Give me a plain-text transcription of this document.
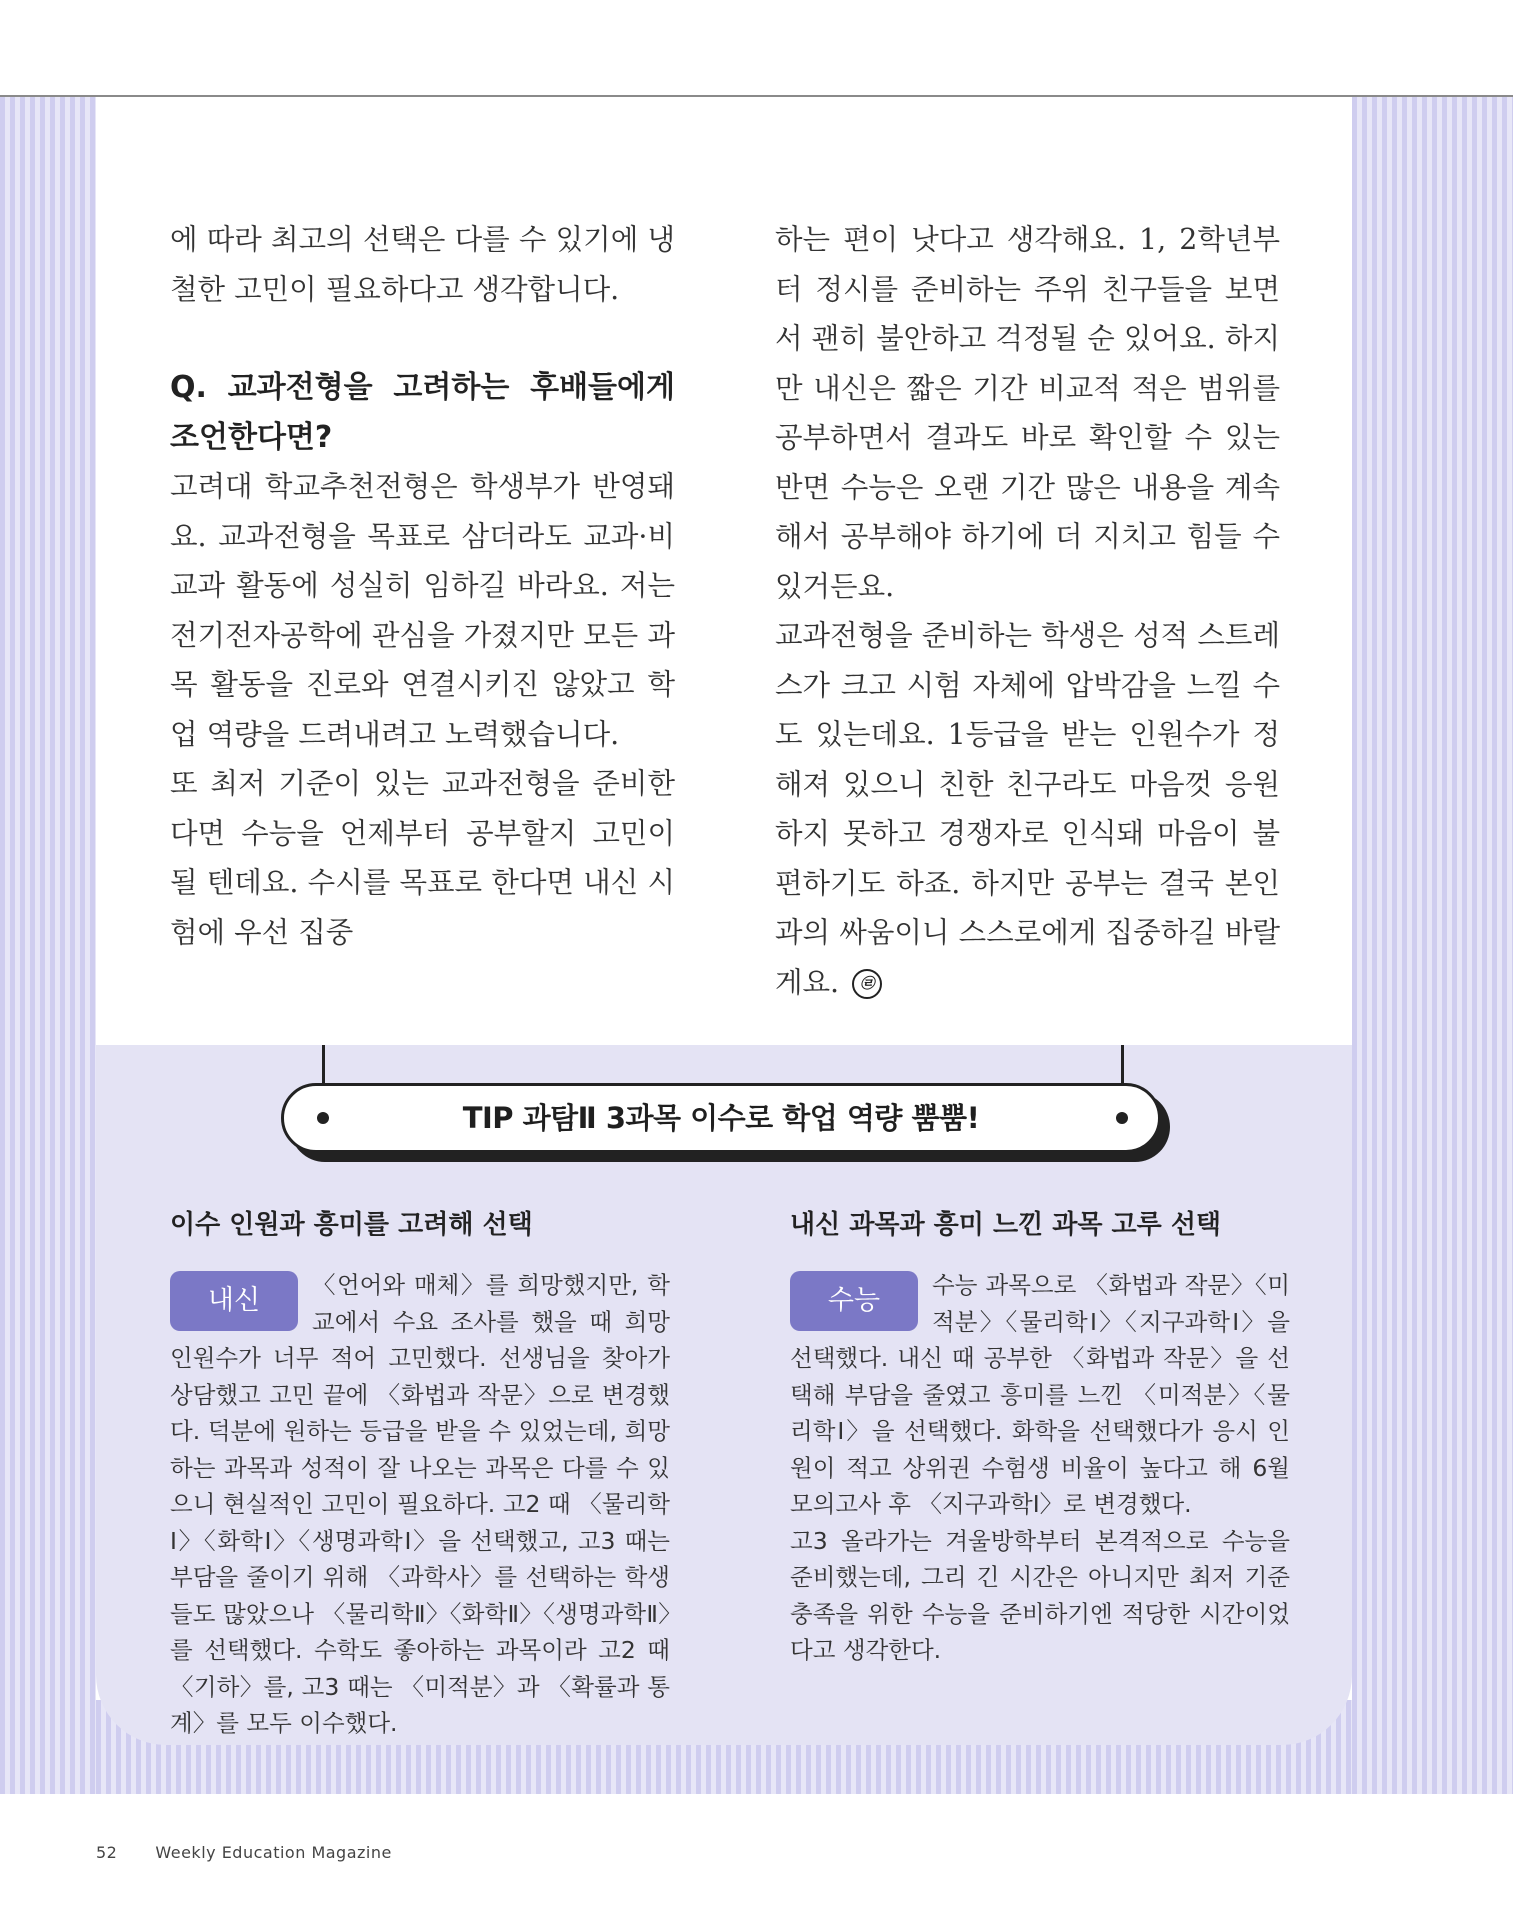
에 따라 최고의 선택은 다를 수 있기에 냉철한 고민이 필요하다고 생각합니다.

Q. 교과전형을 고려하는 후배들에게 조언한다면?

고려대 학교추천전형은 학생부가 반영돼요. 교과전형을 목표로 삼더라도 교과·비교과 활동에 성실히 임하길 바라요. 저는 전기전자공학에 관심을 가졌지만 모든 과목 활동을 진로와 연결시키진 않았고 학업 역량을 드려내려고 노력했습니다.

또 최저 기준이 있는 교과전형을 준비한다면 수능을 언제부터 공부할지 고민이 될 텐데요. 수시를 목표로 한다면 내신 시험에 우선 집중

하는 편이 낫다고 생각해요. 1, 2학년부터 정시를 준비하는 주위 친구들을 보면서 괜히 불안하고 걱정될 순 있어요. 하지만 내신은 짧은 기간 비교적 적은 범위를 공부하면서 결과도 바로 확인할 수 있는 반면 수능은 오랜 기간 많은 내용을 계속해서 공부해야 하기에 더 지치고 힘들 수 있거든요.

교과전형을 준비하는 학생은 성적 스트레스가 크고 시험 자체에 압박감을 느낄 수도 있는데요. 1등급을 받는 인원수가 정해져 있으니 친한 친구라도 마음껏 응원하지 못하고 경쟁자로 인식돼 마음이 불편하기도 하죠. 하지만 공부는 결국 본인과의 싸움이니 스스로에게 집중하길 바랄게요. ㉣

TIP 과탐Ⅱ 3과목 이수로 학업 역량 뿜뿜!

이수 인원과 흥미를 고려해 선택

내신	〈언어와 매체〉를 희망했지만, 학교에서 수요 조사를 했을 때 희망 인원수가 너무 적어 고민했다. 선생님을 찾아가 상담했고 고민 끝에 〈화법과 작문〉으로 변경했다. 덕분에 원하는 등급을 받을 수 있었는데, 희망하는 과목과 성적이 잘 나오는 과목은 다를 수 있으니 현실적인 고민이 필요하다. 고2 때 〈물리학Ⅰ〉〈화학Ⅰ〉〈생명과학Ⅰ〉을 선택했고, 고3 때는 부담을 줄이기 위해 〈과학사〉를 선택하는 학생들도 많았으나 〈물리학Ⅱ〉〈화학Ⅱ〉〈생명과학Ⅱ〉를 선택했다. 수학도 좋아하는 과목이라 고2 때 〈기하〉를, 고3 때는 〈미적분〉과 〈확률과 통계〉를 모두 이수했다.

내신 과목과 흥미 느낀 과목 고루 선택

수능	수능 과목으로 〈화법과 작문〉〈미적분〉〈물리학Ⅰ〉〈지구과학Ⅰ〉을 선택했다. 내신 때 공부한 〈화법과 작문〉을 선택해 부담을 줄였고 흥미를 느낀 〈미적분〉〈물리학Ⅰ〉을 선택했다. 화학을 선택했다가 응시 인원이 적고 상위권 수험생 비율이 높다고 해 6월 모의고사 후 〈지구과학Ⅰ〉로 변경했다.

고3 올라가는 겨울방학부터 본격적으로 수능을 준비했는데, 그리 긴 시간은 아니지만 최저 기준 충족을 위한 수능을 준비하기엔 적당한 시간이었다고 생각한다.

52 Weekly Education Magazine
